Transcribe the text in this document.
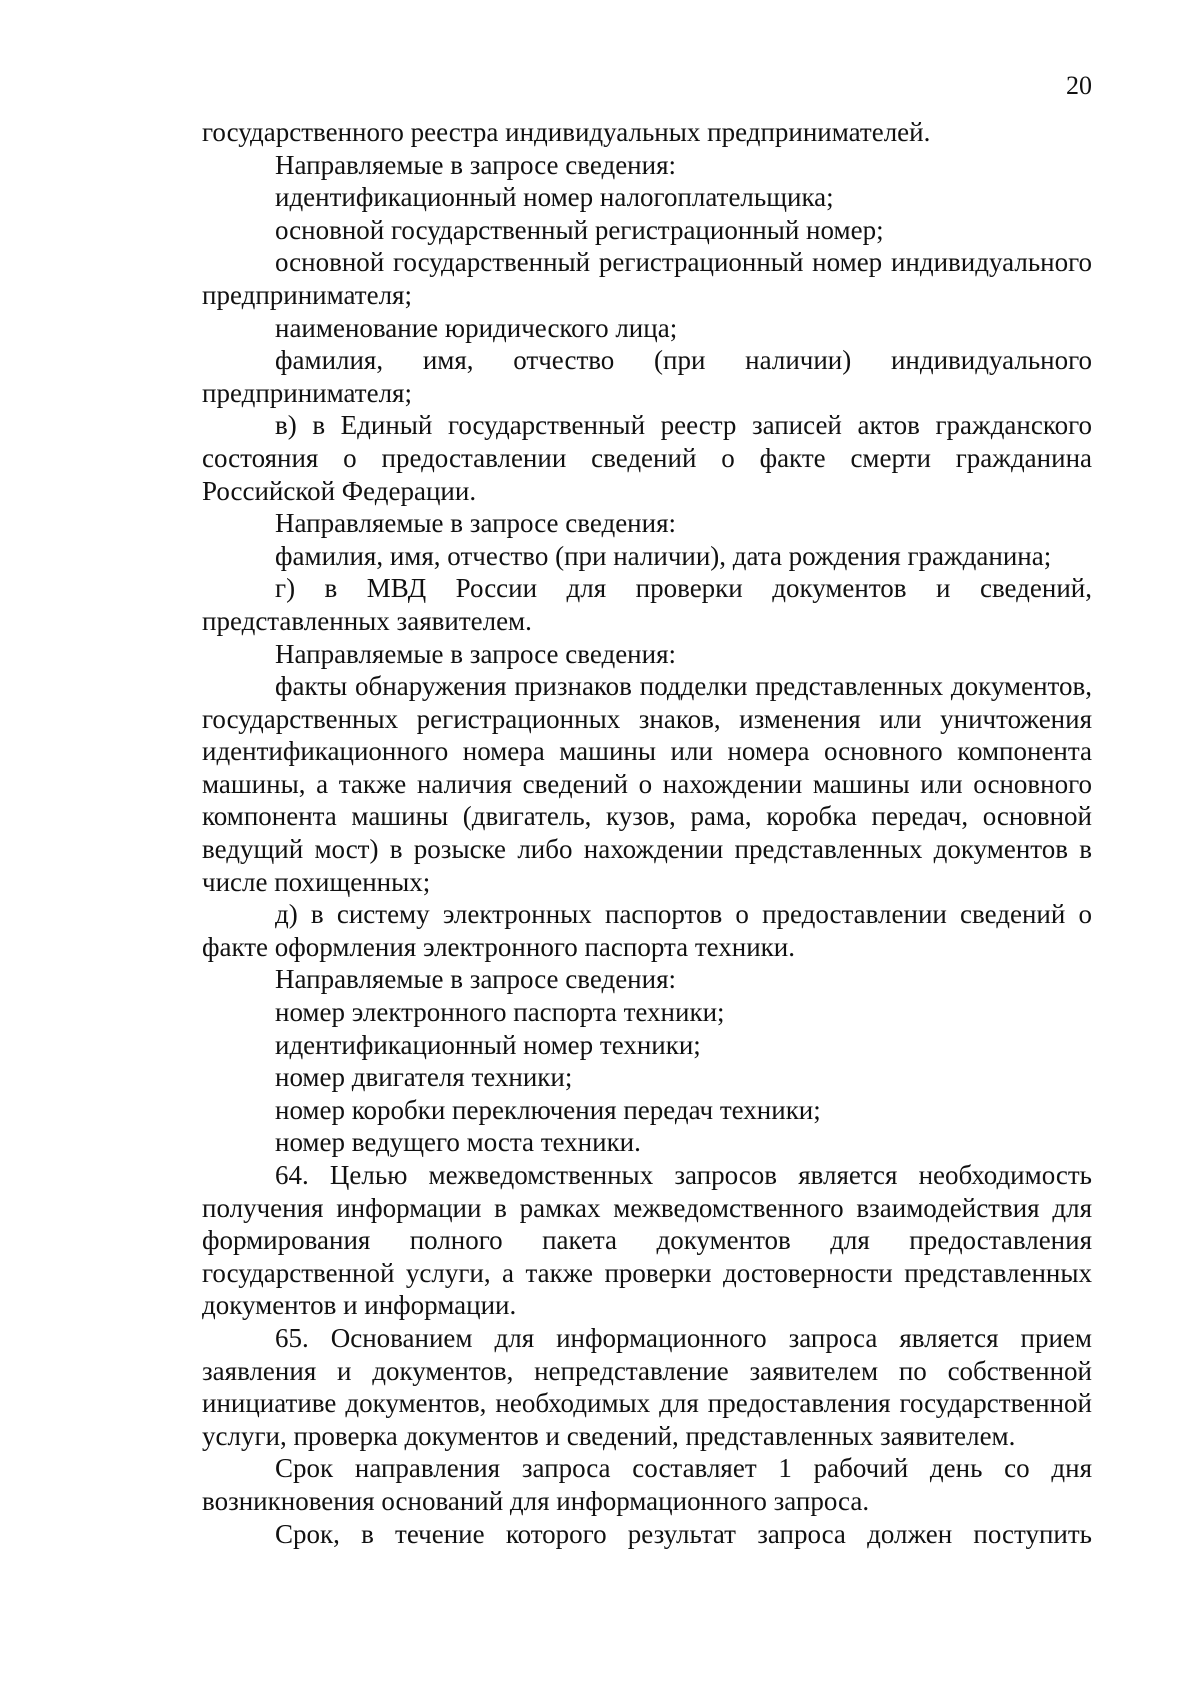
20

государственного реестра индивидуальных предпринимателей.

Направляемые в запросе сведения:

идентификационный номер налогоплательщика;

основной государственный регистрационный номер;

основной государственный регистрационный номер индивидуального предпринимателя;

наименование юридического лица;

фамилия, имя, отчество (при наличии) индивидуального предпринимателя;

в) в Единый государственный реестр записей актов гражданского состояния о предоставлении сведений о факте смерти гражданина Российской Федерации.

Направляемые в запросе сведения:

фамилия, имя, отчество (при наличии), дата рождения гражданина;

г) в МВД России для проверки документов и сведений, представленных заявителем.

Направляемые в запросе сведения:

факты обнаружения признаков подделки представленных документов, государственных регистрационных знаков, изменения или уничтожения идентификационного номера машины или номера основного компонента машины, а также наличия сведений о нахождении машины или основного компонента машины (двигатель, кузов, рама, коробка передач, основной ведущий мост) в розыске либо нахождении представленных документов в числе похищенных;

д) в систему электронных паспортов о предоставлении сведений о факте оформления электронного паспорта техники.

Направляемые в запросе сведения:

номер электронного паспорта техники;

идентификационный номер техники;

номер двигателя техники;

номер коробки переключения передач техники;

номер ведущего моста техники.

64. Целью межведомственных запросов является необходимость получения информации в рамках межведомственного взаимодействия для формирования полного пакета документов для предоставления государственной услуги, а также проверки достоверности представленных документов и информации.

65. Основанием для информационного запроса является прием заявления и документов, непредставление заявителем по собственной инициативе документов, необходимых для предоставления государственной услуги, проверка документов и сведений, представленных заявителем.

Срок направления запроса составляет 1 рабочий день со дня возникновения оснований для информационного запроса.

Срок, в течение которого результат запроса должен поступить
